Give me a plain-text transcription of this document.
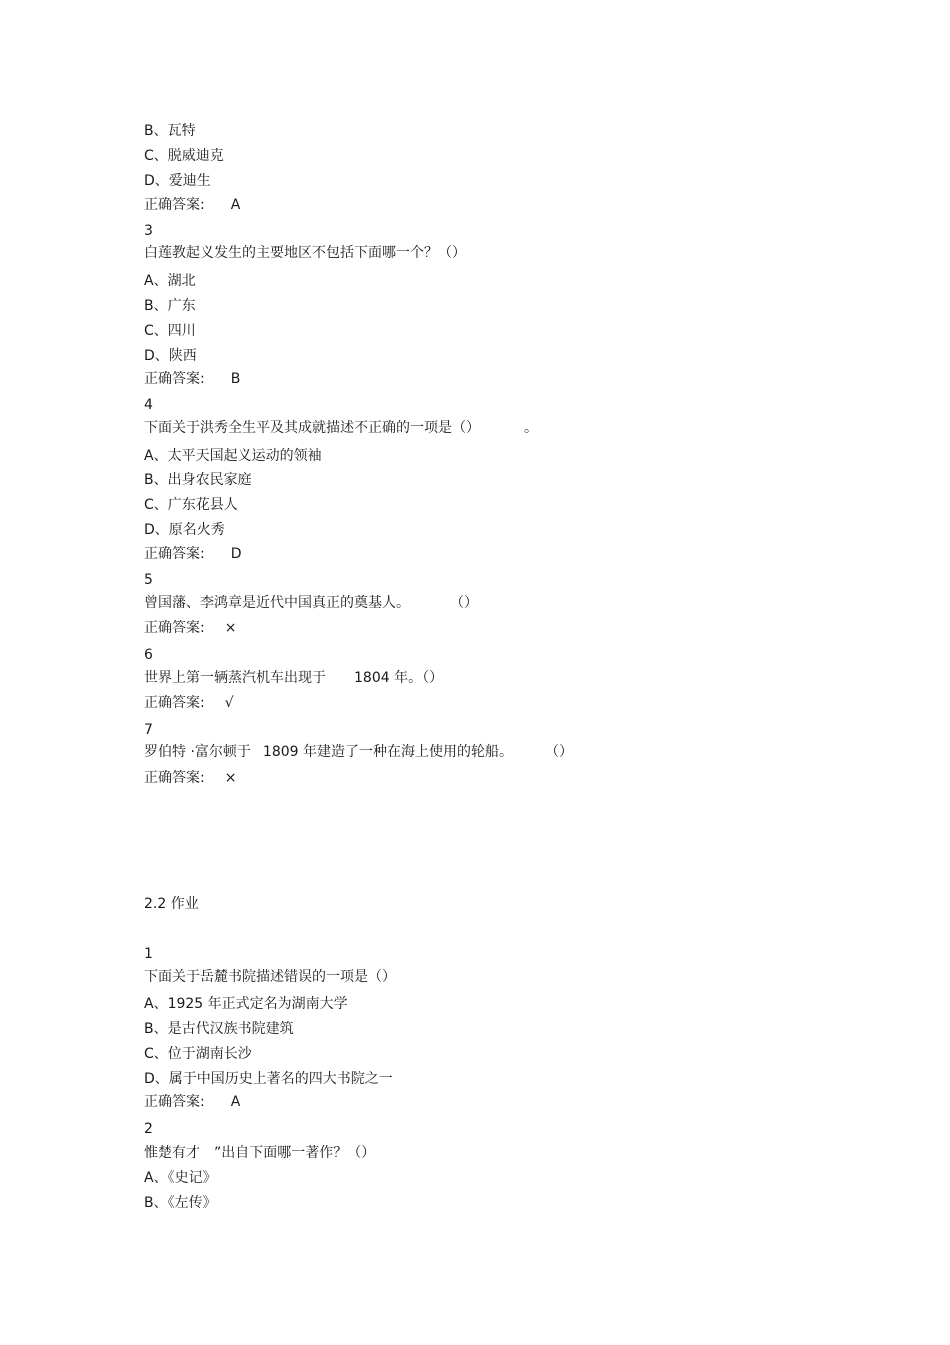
B、瓦特
C、脱威迪克
D、爱迪生
正确答案: A
3
白莲教起义发生的主要地区不包括下面哪一个？（）
A、湖北
B、广东
C、四川
D、陕西
正确答案: B
4
下面关于洪秀全生平及其成就描述不正确的一项是（）	。
A、太平天国起义运动的领袖
B、出身农民家庭
C、广东花县人
D、原名火秀
正确答案: D
5
曾国藩、李鸿章是近代中国真正的奠基人。	（）
正确答案: ×
6
世界上第一辆蒸汽机车出现于 1804 年。（）
正确答案: √
7
罗伯特 ·富尔顿于 1809 年建造了一种在海上使用的轮船。 （）
正确答案: ×
2.2 作业
1
下面关于岳麓书院描述错误的一项是（）
A、1925 年正式定名为湖南大学
B、是古代汉族书院建筑
C、位于湖南长沙
D、属于中国历史上著名的四大书院之一
正确答案: A
2
惟楚有才 ”出自下面哪一著作？（）
A、《史记》
B、《左传》
